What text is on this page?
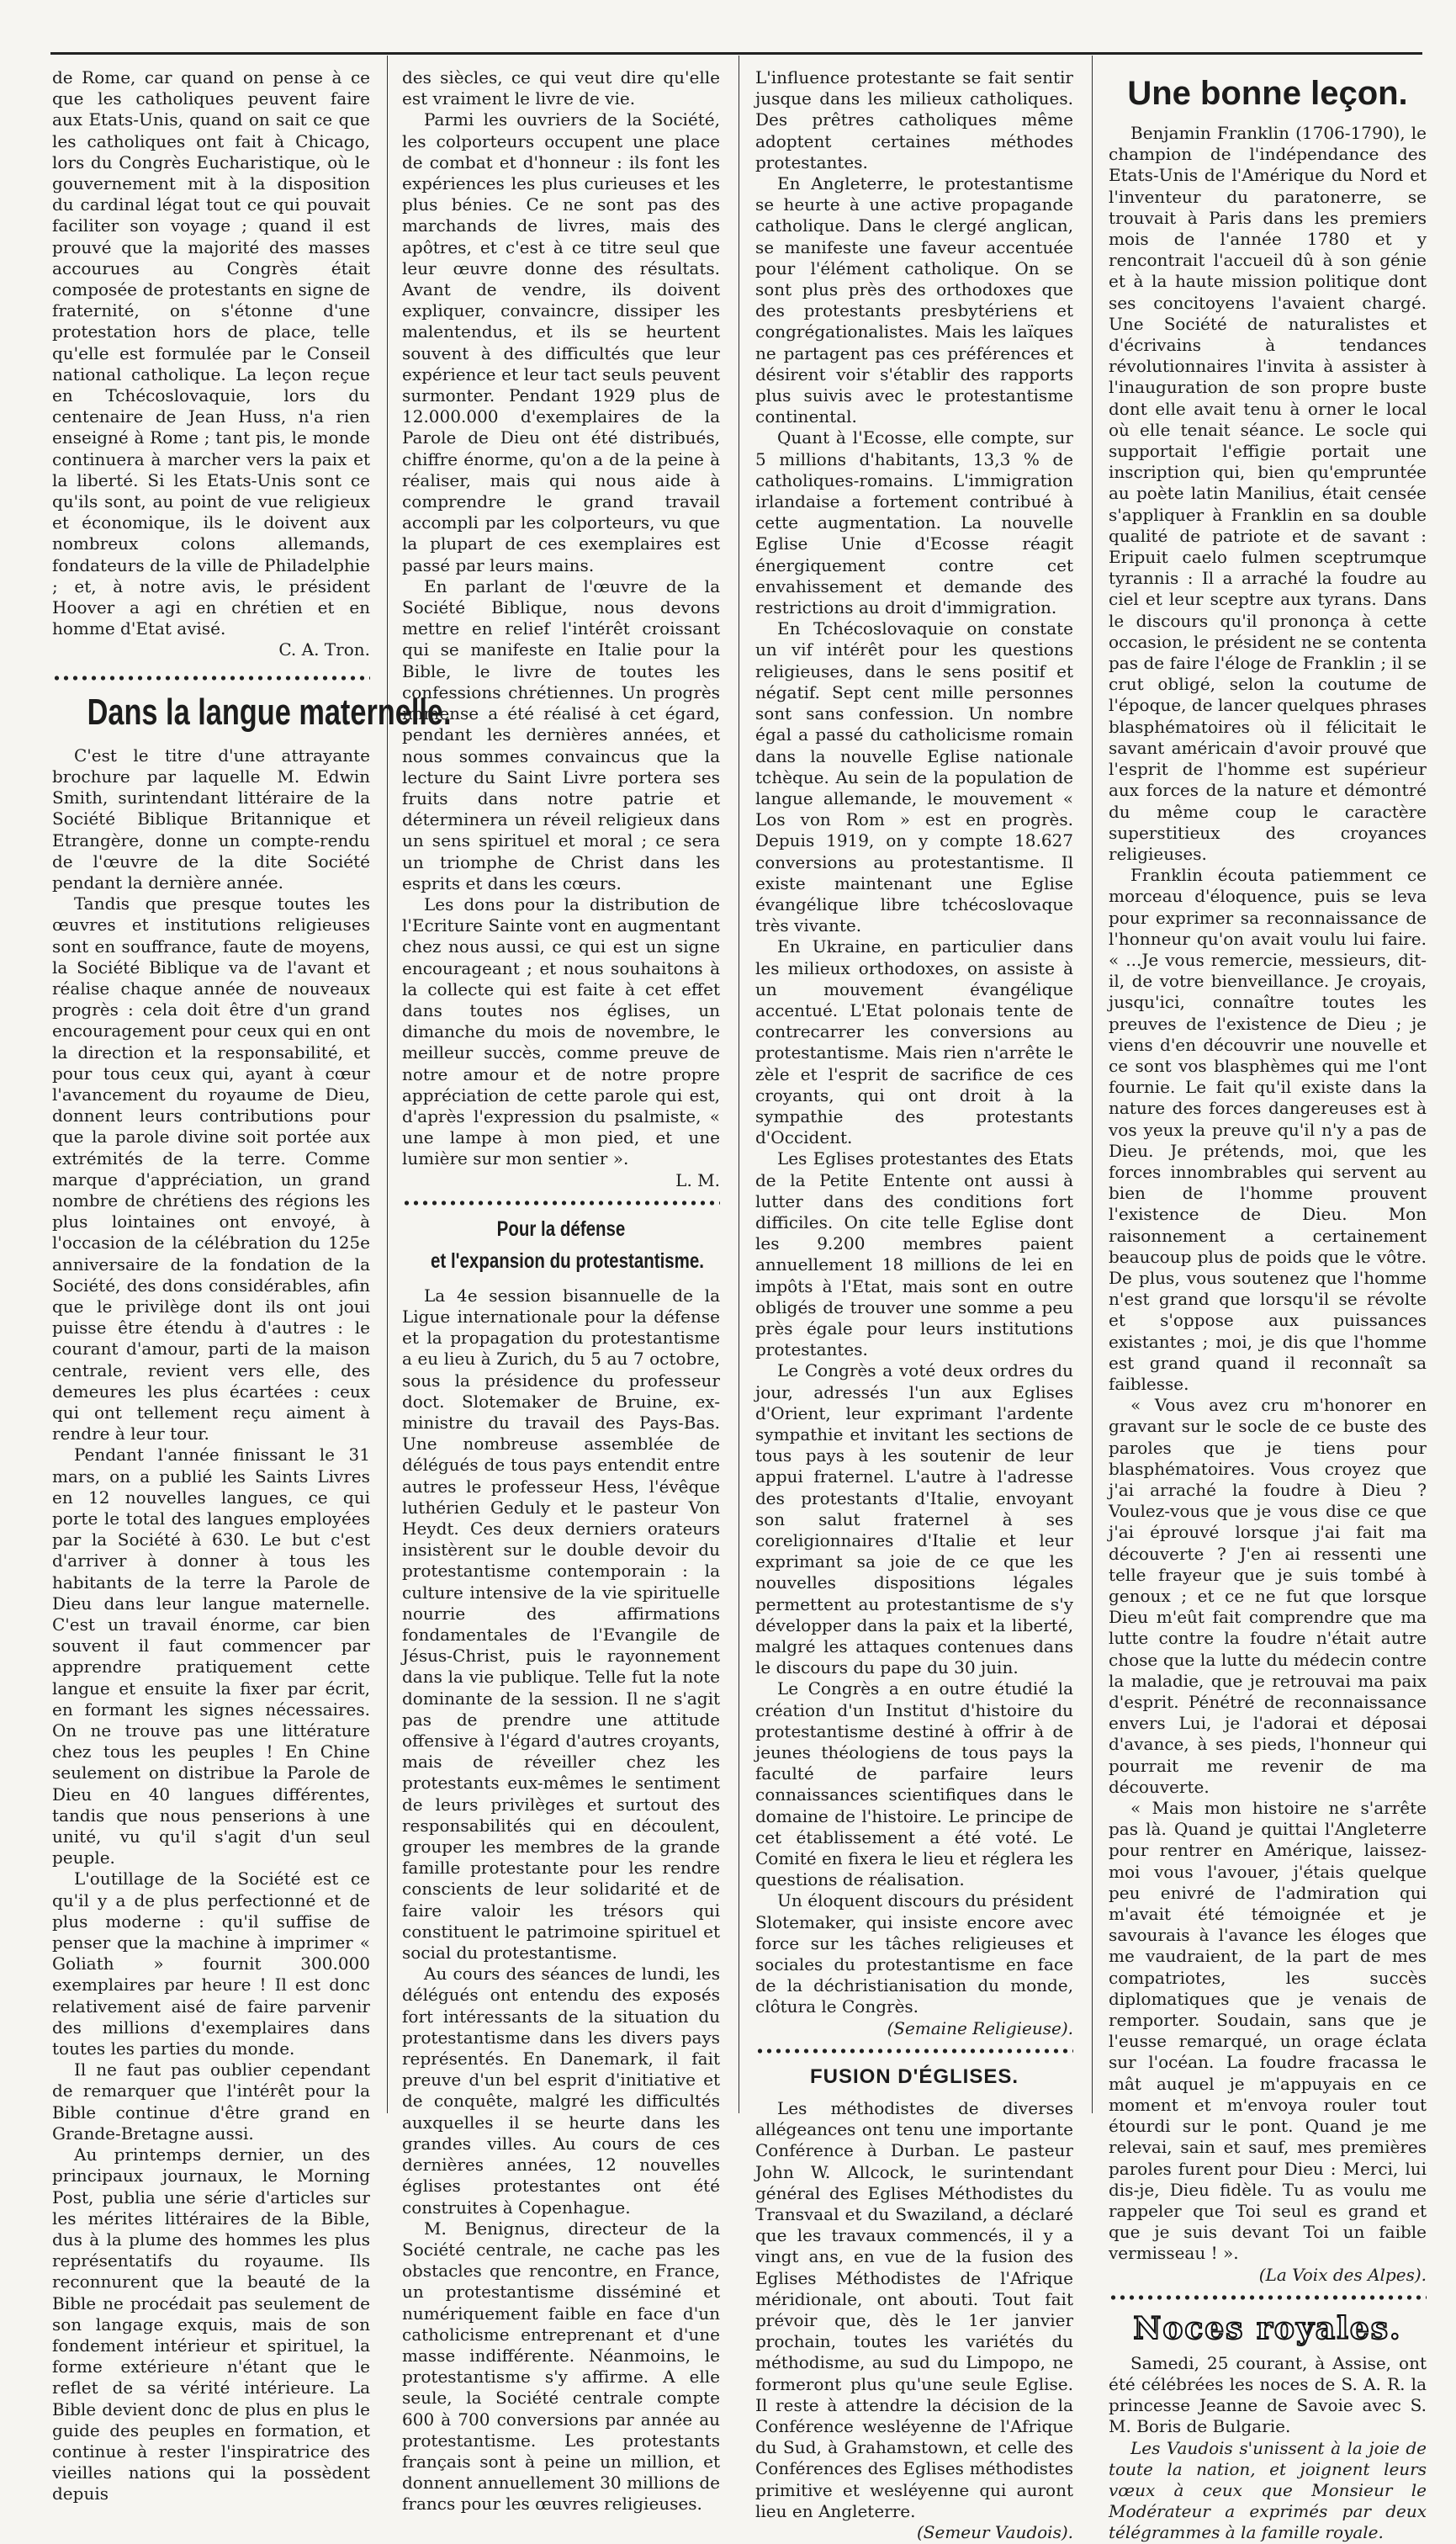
de Rome, car quand on pense à ce que les catholiques peuvent faire aux Etats-Unis, quand on sait ce que les catholiques ont fait à Chicago, lors du Congrès Eucharistique, où le gouvernement mit à la disposition du cardinal légat tout ce qui pouvait faciliter son voyage ; quand il est prouvé que la majorité des masses accourues au Congrès était composée de protestants en signe de fraternité, on s'étonne d'une protestation hors de place, telle qu'elle est formulée par le Conseil national catholique. La leçon reçue en Tchécoslovaquie, lors du centenaire de Jean Huss, n'a rien enseigné à Rome ; tant pis, le monde continuera à marcher vers la paix et la liberté. Si les Etats-Unis sont ce qu'ils sont, au point de vue religieux et économique, ils le doivent aux nombreux colons allemands, fondateurs de la ville de Philadelphie ; et, à notre avis, le président Hoover a agi en chrétien et en homme d'Etat avisé.

C. A. Tron.
Dans la langue maternelle.

C'est le titre d'une attrayante brochure par laquelle M. Edwin Smith, surintendant littéraire de la Société Biblique Britannique et Etrangère, donne un compte-rendu de l'œuvre de la dite Société pendant la dernière année.

Tandis que presque toutes les œuvres et institutions religieuses sont en souffrance, faute de moyens, la Société Biblique va de l'avant et réalise chaque année de nouveaux progrès : cela doit être d'un grand encouragement pour ceux qui en ont la direction et la responsabilité, et pour tous ceux qui, ayant à cœur l'avancement du royaume de Dieu, donnent leurs contributions pour que la parole divine soit portée aux extrémités de la terre. Comme marque d'appréciation, un grand nombre de chrétiens des régions les plus lointaines ont envoyé, à l'occasion de la célébration du 125e anniversaire de la fondation de la Société, des dons considérables, afin que le privilège dont ils ont joui puisse être étendu à d'autres : le courant d'amour, parti de la maison centrale, revient vers elle, des demeures les plus écartées : ceux qui ont tellement reçu aiment à rendre à leur tour.

Pendant l'année finissant le 31 mars, on a publié les Saints Livres en 12 nouvelles langues, ce qui porte le total des langues employées par la Société à 630. Le but c'est d'arriver à donner à tous les habitants de la terre la Parole de Dieu dans leur langue maternelle. C'est un travail énorme, car bien souvent il faut commencer par apprendre pratiquement cette langue et ensuite la fixer par écrit, en formant les signes nécessaires. On ne trouve pas une littérature chez tous les peuples ! En Chine seulement on distribue la Parole de Dieu en 40 langues différentes, tandis que nous penserions à une unité, vu qu'il s'agit d'un seul peuple.

L'outillage de la Société est ce qu'il y a de plus perfectionné et de plus moderne : qu'il suffise de penser que la machine à imprimer « Goliath » fournit 300.000 exemplaires par heure ! Il est donc relativement aisé de faire parvenir des millions d'exemplaires dans toutes les parties du monde.

Il ne faut pas oublier cependant de remarquer que l'intérêt pour la Bible continue d'être grand en Grande-Bretagne aussi.

Au printemps dernier, un des principaux journaux, le Morning Post, publia une série d'articles sur les mérites littéraires de la Bible, dus à la plume des hommes les plus représentatifs du royaume. Ils reconnurent que la beauté de la Bible ne procédait pas seulement de son langage exquis, mais de son fondement intérieur et spirituel, la forme extérieure n'étant que le reflet de sa vérité intérieure. La Bible devient donc de plus en plus le guide des peuples en formation, et continue à rester l'inspiratrice des vieilles nations qui la possèdent depuis

des siècles, ce qui veut dire qu'elle est vraiment le livre de vie.

Parmi les ouvriers de la Société, les colporteurs occupent une place de combat et d'honneur : ils font les expériences les plus curieuses et les plus bénies. Ce ne sont pas des marchands de livres, mais des apôtres, et c'est à ce titre seul que leur œuvre donne des résultats. Avant de vendre, ils doivent expliquer, convaincre, dissiper les malentendus, et ils se heurtent souvent à des difficultés que leur expérience et leur tact seuls peuvent surmonter. Pendant 1929 plus de 12.000.000 d'exemplaires de la Parole de Dieu ont été distribués, chiffre énorme, qu'on a de la peine à réaliser, mais qui nous aide à comprendre le grand travail accompli par les colporteurs, vu que la plupart de ces exemplaires est passé par leurs mains.

En parlant de l'œuvre de la Société Biblique, nous devons mettre en relief l'intérêt croissant qui se manifeste en Italie pour la Bible, le livre de toutes les confessions chrétiennes. Un progrès immense a été réalisé à cet égard, pendant les dernières années, et nous sommes convaincus que la lecture du Saint Livre portera ses fruits dans notre patrie et déterminera un réveil religieux dans un sens spirituel et moral ; ce sera un triomphe de Christ dans les esprits et dans les cœurs.

Les dons pour la distribution de l'Ecriture Sainte vont en augmentant chez nous aussi, ce qui est un signe encourageant ; et nous souhaitons à la collecte qui est faite à cet effet dans toutes nos églises, un dimanche du mois de novembre, le meilleur succès, comme preuve de notre amour et de notre propre appréciation de cette parole qui est, d'après l'expression du psalmiste, « une lampe à mon pied, et une lumière sur mon sentier ».

L. M.
Pour la défense
et l'expansion du protestantisme.

La 4e session bisannuelle de la Ligue internationale pour la défense et la propagation du protestantisme a eu lieu à Zurich, du 5 au 7 octobre, sous la présidence du professeur doct. Slotemaker de Bruine, ex-ministre du travail des Pays-Bas. Une nombreuse assemblée de délégués de tous pays entendit entre autres le professeur Hess, l'évêque luthérien Geduly et le pasteur Von Heydt. Ces deux derniers orateurs insistèrent sur le double devoir du protestantisme contemporain : la culture intensive de la vie spirituelle nourrie des affirmations fondamentales de l'Evangile de Jésus-Christ, puis le rayonnement dans la vie publique. Telle fut la note dominante de la session. Il ne s'agit pas de prendre une attitude offensive à l'égard d'autres croyants, mais de réveiller chez les protestants eux-mêmes le sentiment de leurs privilèges et surtout des responsabilités qui en découlent, grouper les membres de la grande famille protestante pour les rendre conscients de leur solidarité et de faire valoir les trésors qui constituent le patrimoine spirituel et social du protestantisme.

Au cours des séances de lundi, les délégués ont entendu des exposés fort intéressants de la situation du protestantisme dans les divers pays représentés. En Danemark, il fait preuve d'un bel esprit d'initiative et de conquête, malgré les difficultés auxquelles il se heurte dans les grandes villes. Au cours de ces dernières années, 12 nouvelles églises protestantes ont été construites à Copenhague.

M. Benignus, directeur de la Société centrale, ne cache pas les obstacles que rencontre, en France, un protestantisme disséminé et numériquement faible en face d'un catholicisme entreprenant et d'une masse indifférente. Néanmoins, le protestantisme s'y affirme. A elle seule, la Société centrale compte 600 à 700 conversions par année au protestantisme. Les protestants français sont à peine un million, et donnent annuellement 30 millions de francs pour les œuvres religieuses.

L'influence protestante se fait sentir jusque dans les milieux catholiques. Des prêtres catholiques même adoptent certaines méthodes protestantes.

En Angleterre, le protestantisme se heurte à une active propagande catholique. Dans le clergé anglican, se manifeste une faveur accentuée pour l'élément catholique. On se sont plus près des orthodoxes que des protestants presbytériens et congrégationalistes. Mais les laïques ne partagent pas ces préférences et désirent voir s'établir des rapports plus suivis avec le protestantisme continental.

Quant à l'Ecosse, elle compte, sur 5 millions d'habitants, 13,3 % de catholiques-romains. L'immigration irlandaise a fortement contribué à cette augmentation. La nouvelle Eglise Unie d'Ecosse réagit énergiquement contre cet envahissement et demande des restrictions au droit d'immigration.

En Tchécoslovaquie on constate un vif intérêt pour les questions religieuses, dans le sens positif et négatif. Sept cent mille personnes sont sans confession. Un nombre égal a passé du catholicisme romain dans la nouvelle Eglise nationale tchèque. Au sein de la population de langue allemande, le mouvement « Los von Rom » est en progrès. Depuis 1919, on y compte 18.627 conversions au protestantisme. Il existe maintenant une Eglise évangélique libre tchécoslovaque très vivante.

En Ukraine, en particulier dans les milieux orthodoxes, on assiste à un mouvement évangélique accentué. L'Etat polonais tente de contrecarrer les conversions au protestantisme. Mais rien n'arrête le zèle et l'esprit de sacrifice de ces croyants, qui ont droit à la sympathie des protestants d'Occident.

Les Eglises protestantes des Etats de la Petite Entente ont aussi à lutter dans des conditions fort difficiles. On cite telle Eglise dont les 9.200 membres paient annuellement 18 millions de lei en impôts à l'Etat, mais sont en outre obligés de trouver une somme a peu près égale pour leurs institutions protestantes.

Le Congrès a voté deux ordres du jour, adressés l'un aux Eglises d'Orient, leur exprimant l'ardente sympathie et invitant les sections de tous pays à les soutenir de leur appui fraternel. L'autre à l'adresse des protestants d'Italie, envoyant son salut fraternel à ses coreligionnaires d'Italie et leur exprimant sa joie de ce que les nouvelles dispositions légales permettent au protestantisme de s'y développer dans la paix et la liberté, malgré les attaques contenues dans le discours du pape du 30 juin.

Le Congrès a en outre étudié la création d'un Institut d'histoire du protestantisme destiné à offrir à de jeunes théologiens de tous pays la faculté de parfaire leurs connaissances scientifiques dans le domaine de l'histoire. Le principe de cet établissement a été voté. Le Comité en fixera le lieu et réglera les questions de réalisation.

Un éloquent discours du président Slotemaker, qui insiste encore avec force sur les tâches religieuses et sociales du protestantisme en face de la déchristianisation du monde, clôtura le Congrès.

(Semaine Religieuse).
FUSION D'ÉGLISES.

Les méthodistes de diverses allégeances ont tenu une importante Conférence à Durban. Le pasteur John W. Allcock, le surintendant général des Eglises Méthodistes du Transvaal et du Swaziland, a déclaré que les travaux commencés, il y a vingt ans, en vue de la fusion des Eglises Méthodistes de l'Afrique méridionale, ont abouti. Tout fait prévoir que, dès le 1er janvier prochain, toutes les variétés du méthodisme, au sud du Limpopo, ne formeront plus qu'une seule Eglise. Il reste à attendre la décision de la Conférence wesléyenne de l'Afrique du Sud, à Grahamstown, et celle des Conférences des Eglises méthodistes primitive et wesléyenne qui auront lieu en Angleterre.

(Semeur Vaudois).
Une bonne leçon.

Benjamin Franklin (1706-1790), le champion de l'indépendance des Etats-Unis de l'Amérique du Nord et l'inventeur du paratonerre, se trouvait à Paris dans les premiers mois de l'année 1780 et y rencontrait l'accueil dû à son génie et à la haute mission politique dont ses concitoyens l'avaient chargé. Une Société de naturalistes et d'écrivains à tendances révolutionnaires l'invita à assister à l'inauguration de son propre buste dont elle avait tenu à orner le local où elle tenait séance. Le socle qui supportait l'effigie portait une inscription qui, bien qu'empruntée au poète latin Manilius, était censée s'appliquer à Franklin en sa double qualité de patriote et de savant : Eripuit caelo fulmen sceptrumque tyrannis : Il a arraché la foudre au ciel et leur sceptre aux tyrans. Dans le discours qu'il prononça à cette occasion, le président ne se contenta pas de faire l'éloge de Franklin ; il se crut obligé, selon la coutume de l'époque, de lancer quelques phrases blasphématoires où il félicitait le savant américain d'avoir prouvé que l'esprit de l'homme est supérieur aux forces de la nature et démontré du même coup le caractère superstitieux des croyances religieuses.

Franklin écouta patiemment ce morceau d'éloquence, puis se leva pour exprimer sa reconnaissance de l'honneur qu'on avait voulu lui faire. « ...Je vous remercie, messieurs, dit-il, de votre bienveillance. Je croyais, jusqu'ici, connaître toutes les preuves de l'existence de Dieu ; je viens d'en découvrir une nouvelle et ce sont vos blasphèmes qui me l'ont fournie. Le fait qu'il existe dans la nature des forces dangereuses est à vos yeux la preuve qu'il n'y a pas de Dieu. Je prétends, moi, que les forces innombrables qui servent au bien de l'homme prouvent l'existence de Dieu. Mon raisonnement a certainement beaucoup plus de poids que le vôtre. De plus, vous soutenez que l'homme n'est grand que lorsqu'il se révolte et s'oppose aux puissances existantes ; moi, je dis que l'homme est grand quand il reconnaît sa faiblesse.

« Vous avez cru m'honorer en gravant sur le socle de ce buste des paroles que je tiens pour blasphématoires. Vous croyez que j'ai arraché la foudre à Dieu ? Voulez-vous que je vous dise ce que j'ai éprouvé lorsque j'ai fait ma découverte ? J'en ai ressenti une telle frayeur que je suis tombé à genoux ; et ce ne fut que lorsque Dieu m'eût fait comprendre que ma lutte contre la foudre n'était autre chose que la lutte du médecin contre la maladie, que je retrouvai ma paix d'esprit. Pénétré de reconnaissance envers Lui, je l'adorai et déposai d'avance, à ses pieds, l'honneur qui pourrait me revenir de ma découverte.

« Mais mon histoire ne s'arrête pas là. Quand je quittai l'Angleterre pour rentrer en Amérique, laissez-moi vous l'avouer, j'étais quelque peu enivré de l'admiration qui m'avait été témoignée et je savourais à l'avance les éloges que me vaudraient, de la part de mes compatriotes, les succès diplomatiques que je venais de remporter. Soudain, sans que je l'eusse remarqué, un orage éclata sur l'océan. La foudre fracassa le mât auquel je m'appuyais en ce moment et m'envoya rouler tout étourdi sur le pont. Quand je me relevai, sain et sauf, mes premières paroles furent pour Dieu : Merci, lui dis-je, Dieu fidèle. Tu as voulu me rappeler que Toi seul es grand et que je suis devant Toi un faible vermisseau ! ».

(La Voix des Alpes).
Noces royales.

Samedi, 25 courant, à Assise, ont été célébrées les noces de S. A. R. la princesse Jeanne de Savoie avec S. M. Boris de Bulgarie.

Les Vaudois s'unissent à la joie de toute la nation, et joignent leurs vœux à ceux que Monsieur le Modérateur a exprimés par deux télégrammes à la famille royale.
